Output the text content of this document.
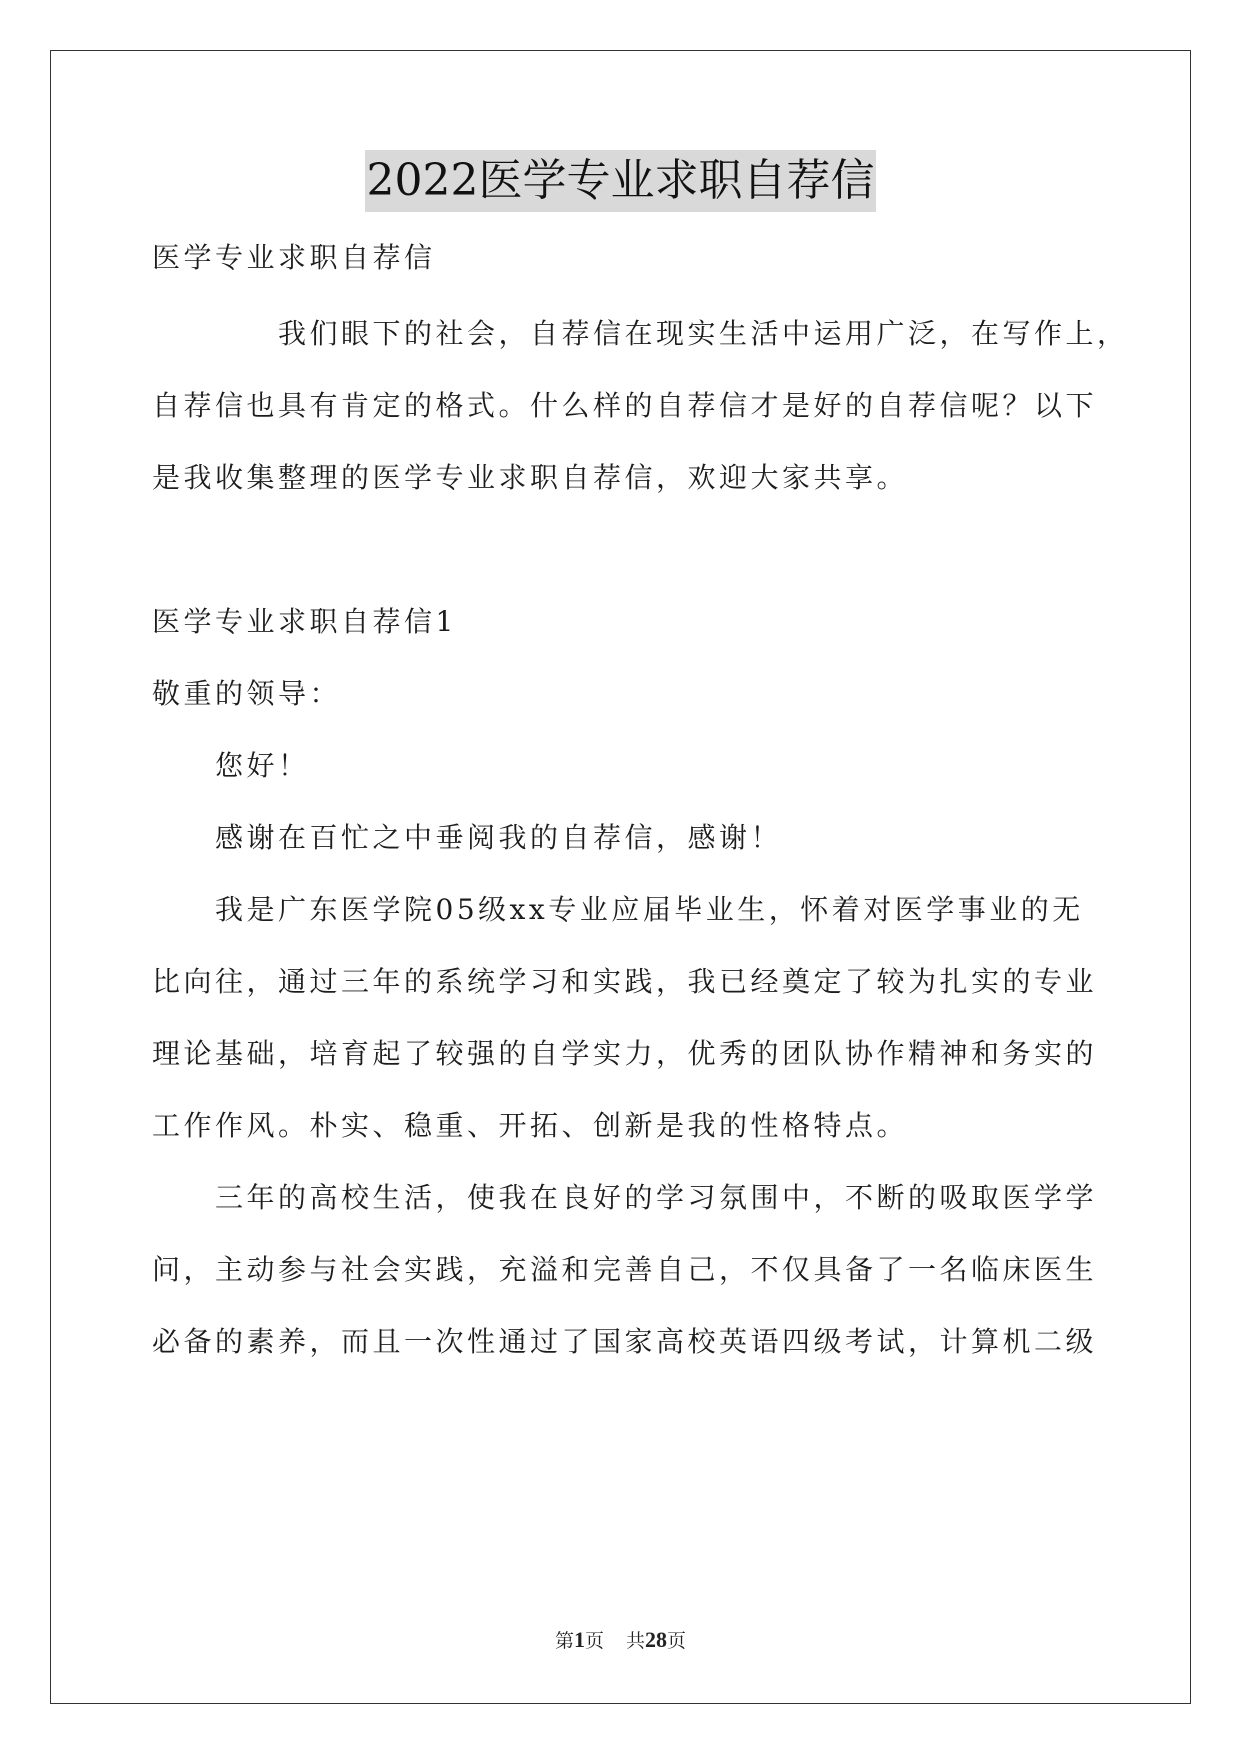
2022医学专业求职自荐信
医学专业求职自荐信
我们眼下的社会，自荐信在现实生活中运用广泛，在写作上，
自荐信也具有肯定的格式。什么样的自荐信才是好的自荐信呢？以下
是我收集整理的医学专业求职自荐信，欢迎大家共享。
医学专业求职自荐信1
敬重的领导：
您好！
感谢在百忙之中垂阅我的自荐信，感谢！
我是广东医学院05级xx专业应届毕业生，怀着对医学事业的无
比向往，通过三年的系统学习和实践，我已经奠定了较为扎实的专业
理论基础，培育起了较强的自学实力，优秀的团队协作精神和务实的
工作作风。朴实、稳重、开拓、创新是我的性格特点。
三年的高校生活，使我在良好的学习氛围中，不断的吸取医学学
问，主动参与社会实践，充溢和完善自己，不仅具备了一名临床医生
必备的素养，而且一次性通过了国家高校英语四级考试，计算机二级
第1页 共28页
